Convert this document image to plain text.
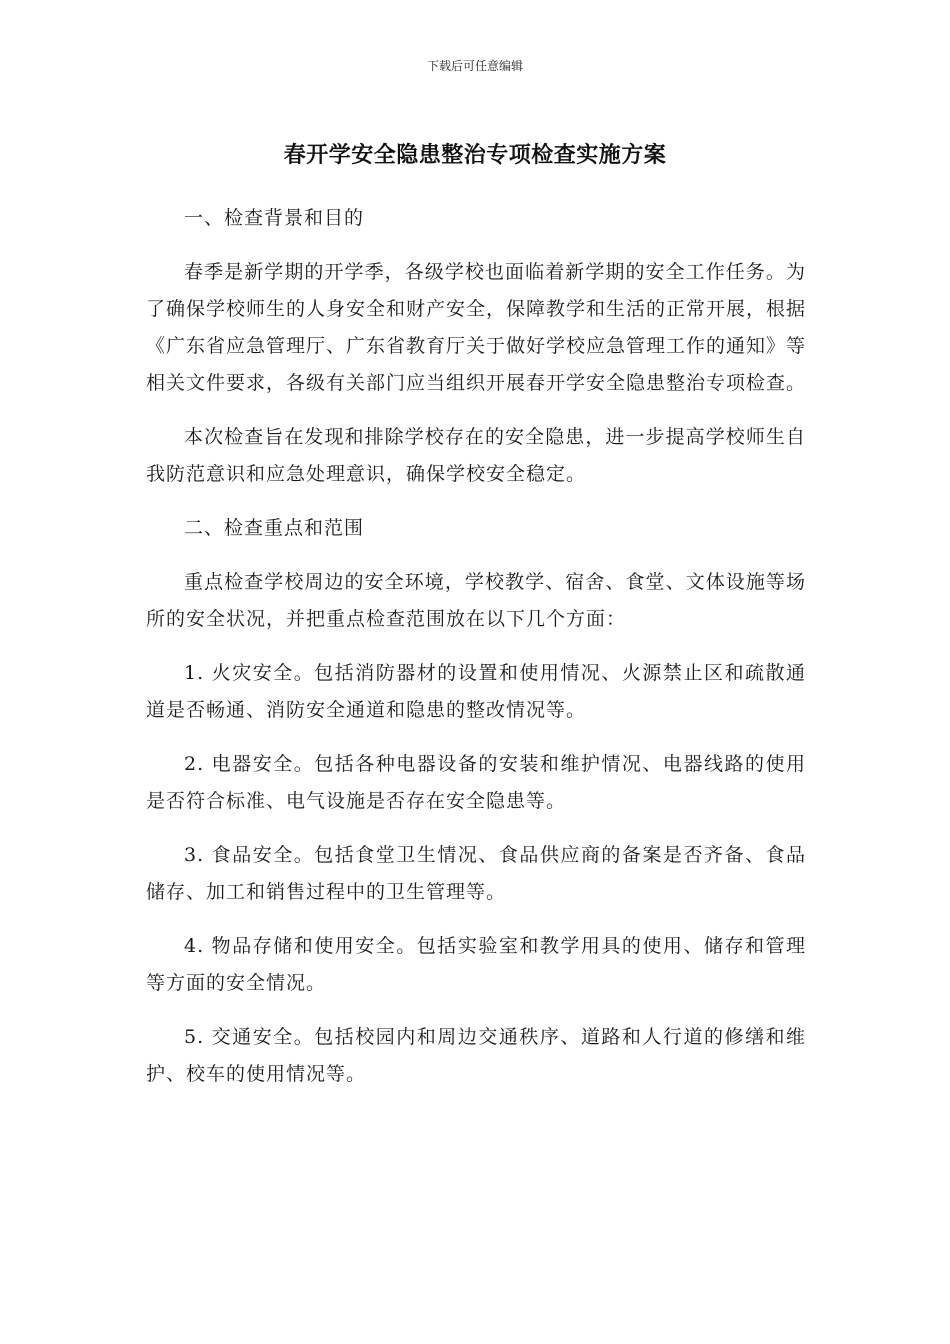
下载后可任意编辑
春开学安全隐患整治专项检查实施方案
一、检查背景和目的
春季是新学期的开学季，各级学校也面临着新学期的安全工作任务。为了确保学校师生的人身安全和财产安全，保障教学和生活的正常开展，根据《广东省应急管理厅、广东省教育厅关于做好学校应急管理工作的通知》等相关文件要求，各级有关部门应当组织开展春开学安全隐患整治专项检查。
本次检查旨在发现和排除学校存在的安全隐患，进一步提高学校师生自我防范意识和应急处理意识，确保学校安全稳定。
二、检查重点和范围
重点检查学校周边的安全环境，学校教学、宿舍、食堂、文体设施等场所的安全状况，并把重点检查范围放在以下几个方面：
1. 火灾安全。包括消防器材的设置和使用情况、火源禁止区和疏散通道是否畅通、消防安全通道和隐患的整改情况等。
2. 电器安全。包括各种电器设备的安装和维护情况、电器线路的使用是否符合标准、电气设施是否存在安全隐患等。
3. 食品安全。包括食堂卫生情况、食品供应商的备案是否齐备、食品储存、加工和销售过程中的卫生管理等。
4. 物品存储和使用安全。包括实验室和教学用具的使用、储存和管理等方面的安全情况。
5. 交通安全。包括校园内和周边交通秩序、道路和人行道的修缮和维护、校车的使用情况等。
